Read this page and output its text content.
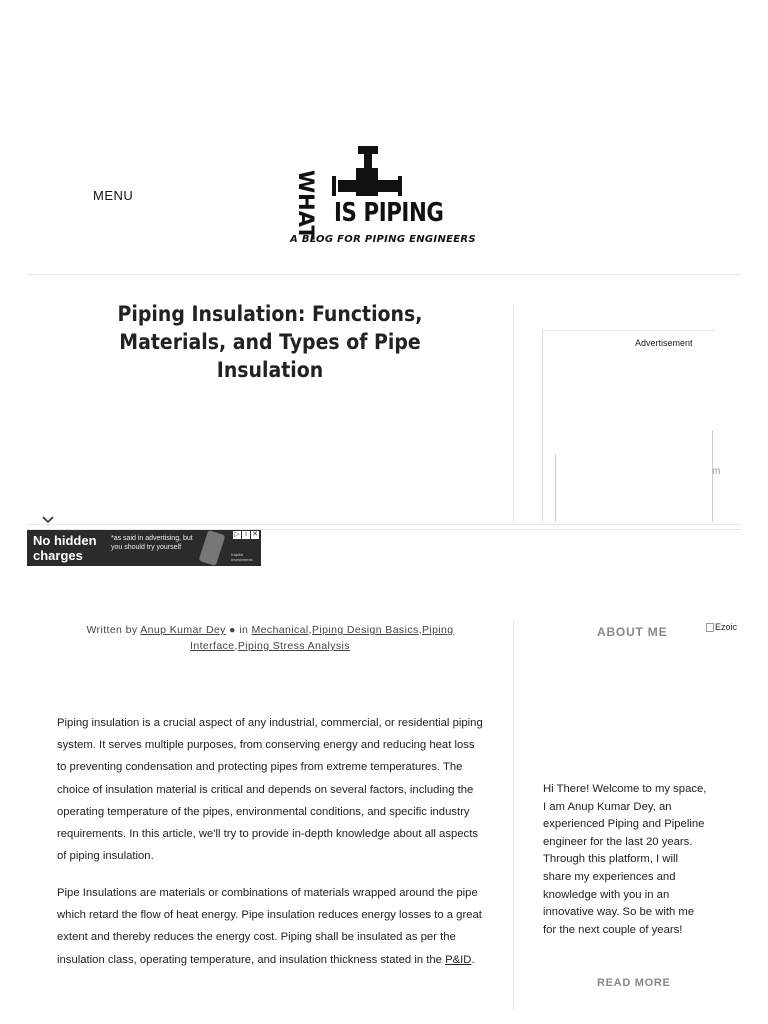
MENU	WHAT IS PIPING
A BLOG FOR PIPING ENGINEERS
Piping Insulation: Functions, Materials, and Types of Pipe Insulation
Advertisement
m
No hidden charges
*as said in advertising, but you should try yourself
Kapital Investments
▷ i ✕
Written by Anup Kumar Dey ● in Mechanical,Piping Design Basics,Piping Interface,Piping Stress Analysis
ABOUT ME	Ezoic

Piping insulation is a crucial aspect of any industrial, commercial, or residential piping system. It serves multiple purposes, from conserving energy and reducing heat loss to preventing condensation and protecting pipes from extreme temperatures. The choice of insulation material is critical and depends on several factors, including the operating temperature of the pipes, environmental conditions, and specific industry requirements. In this article, we'll try to provide in-depth knowledge about all aspects of piping insulation.

Pipe Insulations are materials or combinations of materials wrapped around the pipe which retard the flow of heat energy. Pipe insulation reduces energy losses to a great extent and thereby reduces the energy cost. Piping shall be insulated as per the insulation class, operating temperature, and insulation thickness stated in the P&ID.

Hi There! Welcome to my space, I am Anup Kumar Dey, an experienced Piping and Pipeline engineer for the last 20 years. Through this platform, I will share my experiences and knowledge with you in an innovative way. So be with me for the next couple of years!
READ MORE
